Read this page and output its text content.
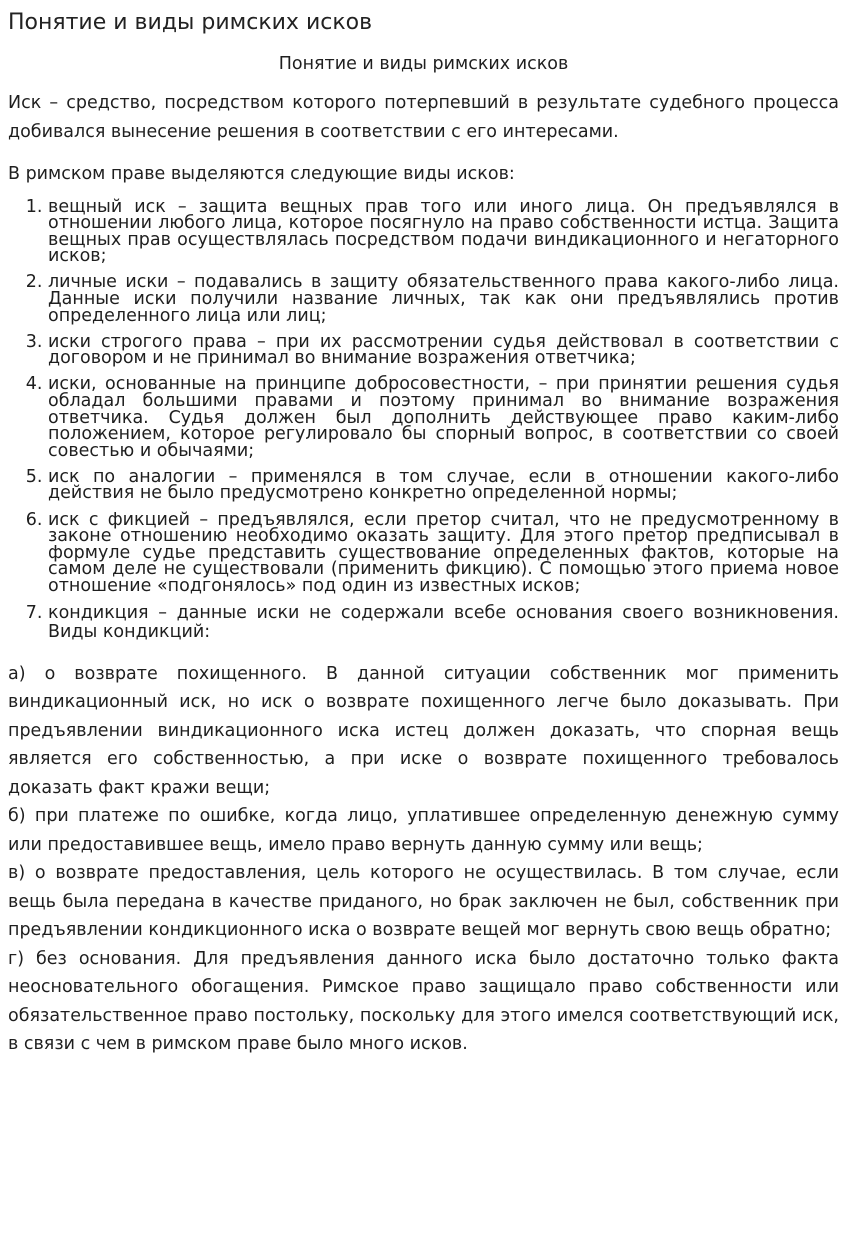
Понятие и виды римских исков
Понятие и виды римских исков

Иск – средство, посредством которого потерпевший в результате судебного процесса добивался вынесение решения в соответствии с его интересами.

В римском праве выделяются следующие виды исков:

1. вещный иск – защита вещных прав того или иного лица. Он предъявлялся в отношении любого лица, которое посягнуло на право собственности истца. Защита вещных прав осуществлялась посредством подачи виндикационного и негаторного исков;
2. личные иски – подавались в защиту обязательственного права какого-либо лица. Данные иски получили название личных, так как они предъявлялись против определенного лица или лиц;
3. иски строгого права – при их рассмотрении судья действовал в соответствии с договором и не принимал во внимание возражения ответчика;
4. иски, основанные на принципе добросовестности, – при принятии решения судья обладал большими правами и поэтому принимал во внимание возражения ответчика. Судья должен был дополнить действующее право каким-либо положением, которое регулировало бы спорный вопрос, в соответствии со своей совестью и обычаями;
5. иск по аналогии – применялся в том случае, если в отношении какого-либо действия не было предусмотрено конкретно определенной нормы;
6. иск с фикцией – предъявлялся, если претор считал, что не предусмотренному в законе отношению необходимо оказать защиту. Для этого претор предписывал в формуле судье представить существование определенных фактов, которые на самом деле не существовали (применить фикцию). С помощью этого приема новое отношение «подгонялось» под один из известных исков;
7. кондикция – данные иски не содержали всебе основания своего возникновения. Виды кондикций:

а) о возврате похищенного. В данной ситуации собственник мог применить виндикационный иск, но иск о возврате похищенного легче было доказывать. При предъявлении виндикационного иска истец должен доказать, что спорная вещь является его собственностью, а при иске о возврате похищенного требовалось доказать факт кражи вещи;

б) при платеже по ошибке, когда лицо, уплатившее определенную денежную сумму или предоставившее вещь, имело право вернуть данную сумму или вещь;

в) о возврате предоставления, цель которого не осуществилась. В том случае, если вещь была передана в качестве приданого, но брак заключен не был, собственник при предъявлении кондикционного иска о возврате вещей мог вернуть свою вещь обратно;

г) без основания. Для предъявления данного иска было достаточно только факта неосновательного обогащения. Римское право защищало право собственности или обязательственное право постольку, поскольку для этого имелся соответствующий иск, в связи с чем в римском праве было много исков.
